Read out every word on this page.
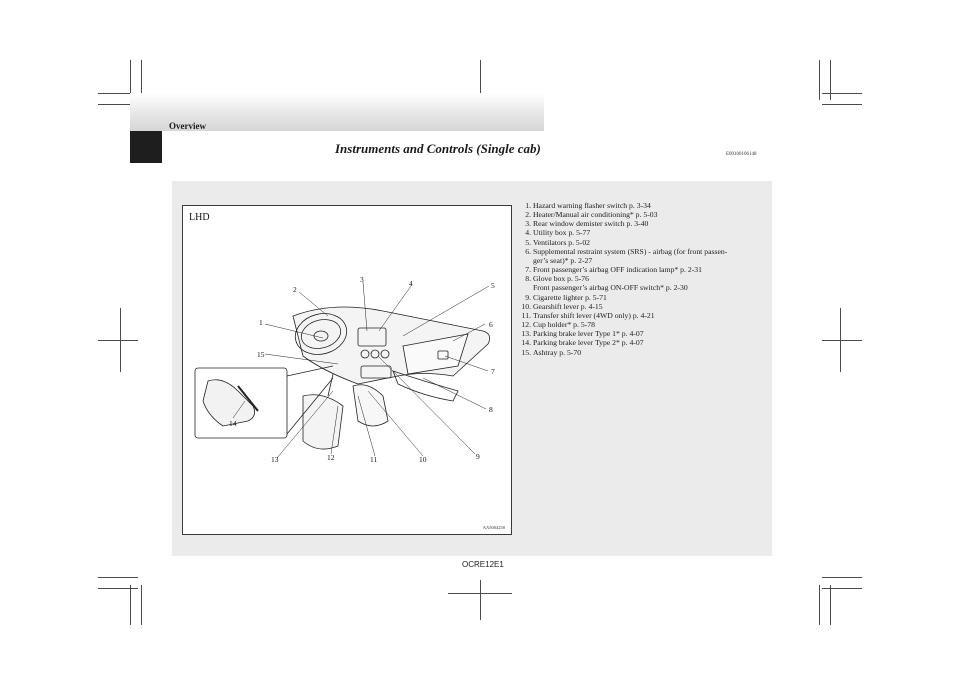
Overview
Instruments and Controls (Single cab)	E00100106148
1
2
3	4	5
6
7
8
9
10
11
12
13
14
15
LHD
AA5004258
1. Hazard warning flasher switch p. 3-34
2. Heater/Manual air conditioning* p. 5-03
3. Rear window demister switch p. 3-40
4. Utility box p. 5-77
5. Ventilators p. 5-02
6. Supplemental restraint system (SRS) - airbag (for front passen-
ger’s seat)* p. 2-27
7. Front passenger’s airbag OFF indication lamp* p. 2-31
8. Glove box p. 5-76
Front passenger’s airbag ON-OFF switch* p. 2-30
9. Cigarette lighter p. 5-71
10. Gearshift lever p. 4-15
11. Transfer shift lever (4WD only) p. 4-21
12. Cup holder* p. 5-78
13. Parking brake lever Type 1* p. 4-07
14. Parking brake lever Type 2* p. 4-07
15. Ashtray p. 5-70
OCRE12E1
